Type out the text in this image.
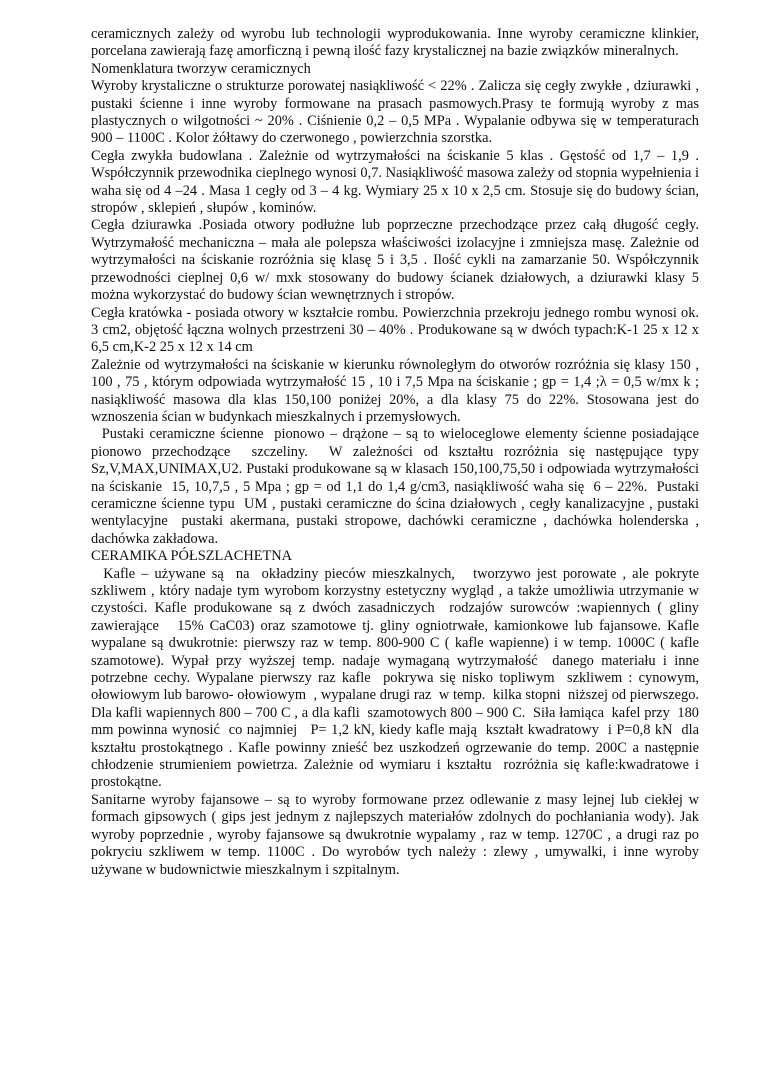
ceramicznych zależy od wyrobu lub technologii wyprodukowania. Inne wyroby ceramiczne klinkier, porcelana zawierają fazę amorficzną i pewną ilość fazy krystalicznej na bazie związków mineralnych.

Nomenklatura tworzyw ceramicznych

Wyroby krystaliczne o strukturze porowatej nasiąkliwość < 22% . Zalicza się cegły zwykłe , dziurawki , pustaki ścienne i inne wyroby formowane na prasach pasmowych.Prasy te formują wyroby z mas plastycznych o wilgotności ~ 20% . Ciśnienie 0,2 – 0,5 MPa . Wypalanie odbywa się w temperaturach 900 – 1100C . Kolor żółtawy do czerwonego , powierzchnia szorstka.

Cegła zwykła budowlana . Zależnie od wytrzymałości na ściskanie 5 klas . Gęstość od 1,7 – 1,9 . Współczynnik przewodnika cieplnego wynosi 0,7. Nasiąkliwość masowa zależy od stopnia wypełnienia i waha się od 4 –24 . Masa 1 cegły od 3 – 4 kg. Wymiary 25 x 10 x 2,5 cm. Stosuje się do budowy ścian, stropów , sklepień , słupów , kominów.

Cegła dziurawka .Posiada otwory podłużne lub poprzeczne przechodzące przez całą długość cegły. Wytrzymałość mechaniczna – mała ale polepsza właściwości izolacyjne i zmniejsza masę. Zależnie od wytrzymałości na ściskanie rozróżnia się klasę 5 i 3,5 . Ilość cykli na zamarzanie 50. Współczynnik przewodności cieplnej 0,6 w/ mxk stosowany do budowy ścianek działowych, a dziurawki klasy 5 można wykorzystać do budowy ścian wewnętrznych i stropów.

Cegła kratówka - posiada otwory w kształcie rombu. Powierzchnia przekroju jednego rombu wynosi ok. 3 cm2, objętość łączna wolnych przestrzeni 30 – 40% . Produkowane są w dwóch typach:K-1 25 x 12 x 6,5 cm,K-2 25 x 12 x 14 cm

Zależnie od wytrzymałości na ściskanie w kierunku równoległym do otworów rozróżnia się klasy 150 , 100 , 75 , którym odpowiada wytrzymałość 15 , 10 i 7,5 Mpa na ściskanie ; gp = 1,4 ;λ = 0,5 w/mx k ; nasiąkliwość masowa dla klas 150,100 poniżej 20%, a dla klasy 75 do 22%. Stosowana jest do wznoszenia ścian w budynkach mieszkalnych i przemysłowych.

Pustaki ceramiczne ścienne  pionowo – drążone – są to wieloceglowe elementy ścienne posiadające pionowo przechodzące  szczeliny.  W zależności od kształtu rozróżnia się następujące typy Sz,V,MAX,UNIMAX,U2. Pustaki produkowane są w klasach 150,100,75,50 i odpowiada wytrzymałości na ściskanie  15, 10,7,5 , 5 Mpa ; gp = od 1,1 do 1,4 g/cm3, nasiąkliwość waha się  6 – 22%.  Pustaki ceramiczne ścienne typu  UM , pustaki ceramiczne do ścina działowych , cegły kanalizacyjne , pustaki wentylacyjne  pustaki akermana, pustaki stropowe, dachówki ceramiczne , dachówka holenderska , dachówka zakładowa.

CERAMIKA PÓŁSZLACHETNA

Kafle – używane są  na  okładziny pieców mieszkalnych,   tworzywo jest porowate , ale pokryte szkliwem , który nadaje tym wyrobom korzystny estetyczny wygląd , a także umożliwia utrzymanie w czystości. Kafle produkowane są z dwóch zasadniczych  rodzajów surowców :wapiennych ( gliny zawierające   15% CaC03) oraz szamotowe tj. gliny ogniotrwałe, kamionkowe lub fajansowe. Kafle wypalane są dwukrotnie: pierwszy raz w temp. 800-900 C ( kafle wapienne) i w temp. 1000C ( kafle szamotowe). Wypał przy wyższej temp. nadaje wymaganą wytrzymałość  danego materiału i inne potrzebne cechy. Wypalane pierwszy raz kafle  pokrywa się nisko topliwym  szkliwem : cynowym, ołowiowym lub barowo- ołowiowym  , wypalane drugi raz  w temp.  kilka stopni  niższej od pierwszego. Dla kafli wapiennych 800 – 700 C , a dla kafli  szamotowych 800 – 900 C.  Siła łamiąca  kafel przy  180 mm powinna wynosić  co najmniej   P= 1,2 kN, kiedy kafle mają  kształt kwadratowy  i P=0,8 kN  dla kształtu prostokątnego . Kafle powinny znieść bez uszkodzeń ogrzewanie do temp. 200C a następnie chłodzenie strumieniem powietrza. Zależnie od wymiaru i kształtu  rozróżnia się kafle:kwadratowe i prostokątne.

Sanitarne wyroby fajansowe – są to wyroby formowane przez odlewanie z masy lejnej lub ciekłej w formach gipsowych ( gips jest jednym z najlepszych materiałów zdolnych do pochłaniania wody). Jak wyroby poprzednie , wyroby fajansowe są dwukrotnie wypalamy , raz w temp. 1270C , a drugi raz po pokryciu szkliwem w temp. 1100C . Do wyrobów tych należy : zlewy , umywalki, i inne wyroby używane w budownictwie mieszkalnym i szpitalnym.
